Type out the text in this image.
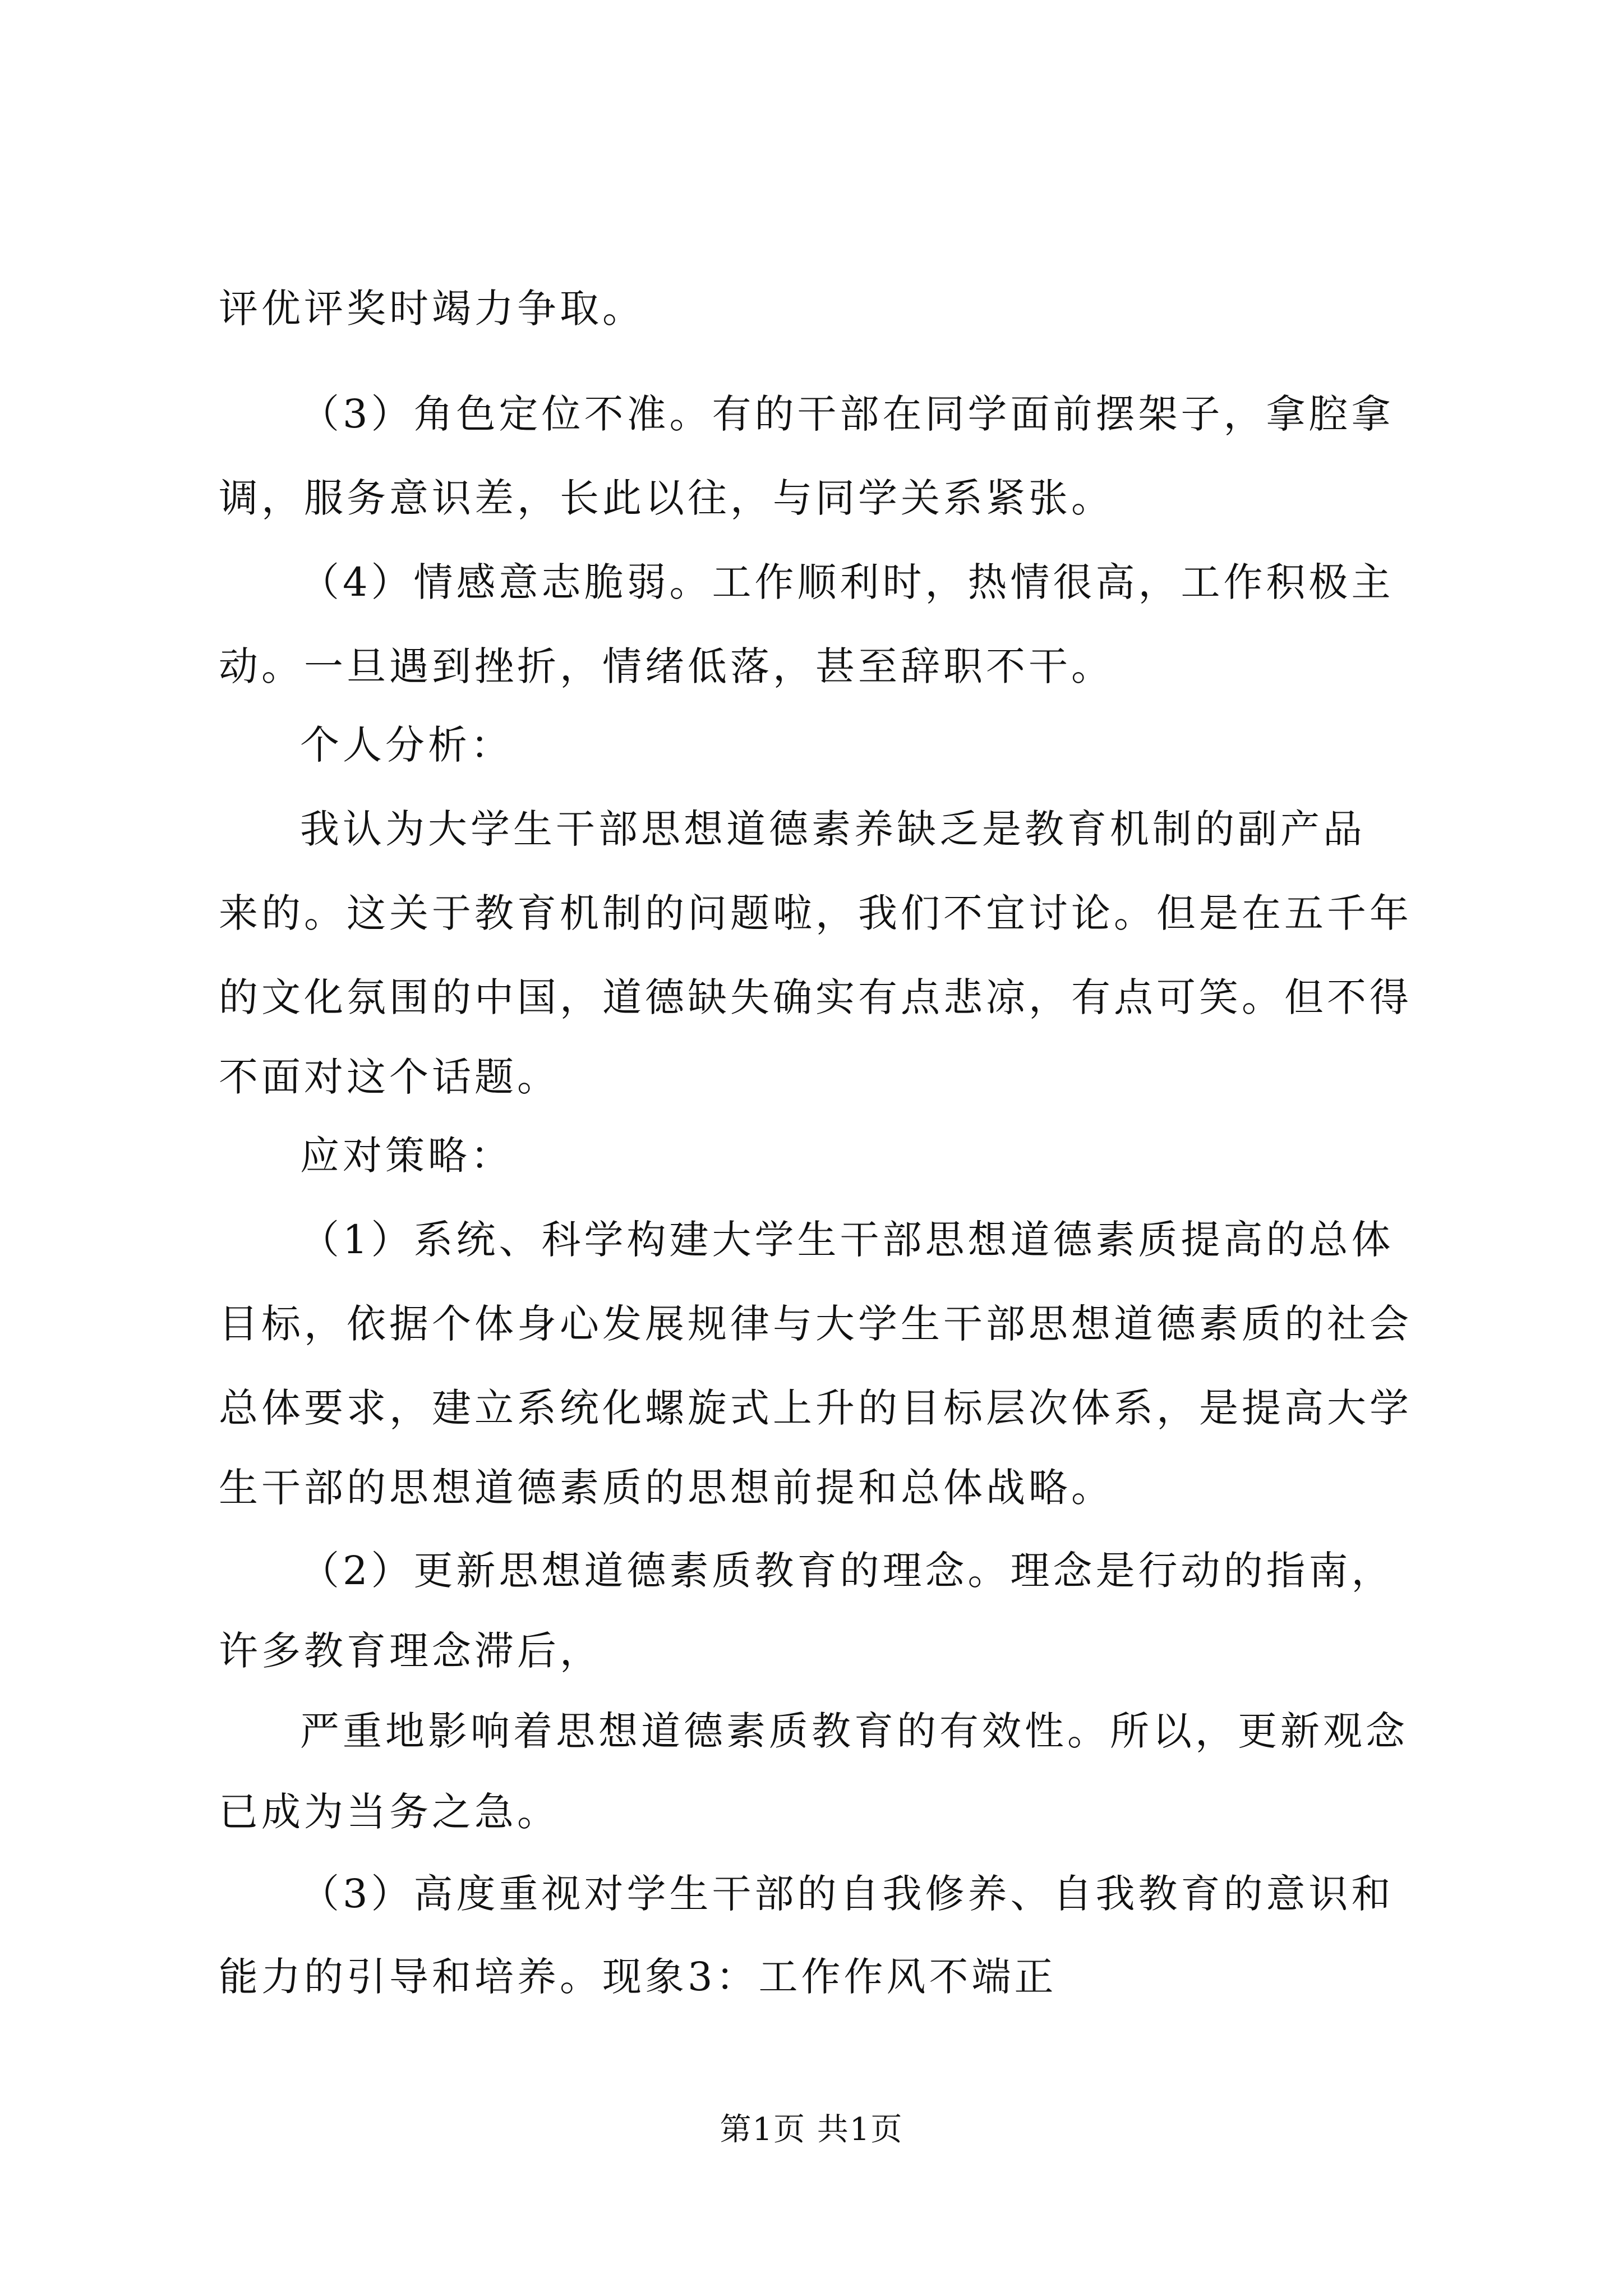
评优评奖时竭力争取。
（3）角色定位不准。有的干部在同学面前摆架子，拿腔拿
调，服务意识差，长此以往，与同学关系紧张。
（4）情感意志脆弱。工作顺利时，热情很高，工作积极主
动。一旦遇到挫折，情绪低落，甚至辞职不干。
个人分析：
我认为大学生干部思想道德素养缺乏是教育机制的副产品
来的。这关于教育机制的问题啦，我们不宜讨论。但是在五千年
的文化氛围的中国，道德缺失确实有点悲凉，有点可笑。但不得
不面对这个话题。
应对策略：
（1）系统、科学构建大学生干部思想道德素质提高的总体
目标，依据个体身心发展规律与大学生干部思想道德素质的社会
总体要求，建立系统化螺旋式上升的目标层次体系，是提高大学
生干部的思想道德素质的思想前提和总体战略。
（2）更新思想道德素质教育的理念。理念是行动的指南，
许多教育理念滞后，
严重地影响着思想道德素质教育的有效性。所以，更新观念
已成为当务之急。
（3）高度重视对学生干部的自我修养、自我教育的意识和
能力的引导和培养。现象3：工作作风不端正
第1页 共1页
